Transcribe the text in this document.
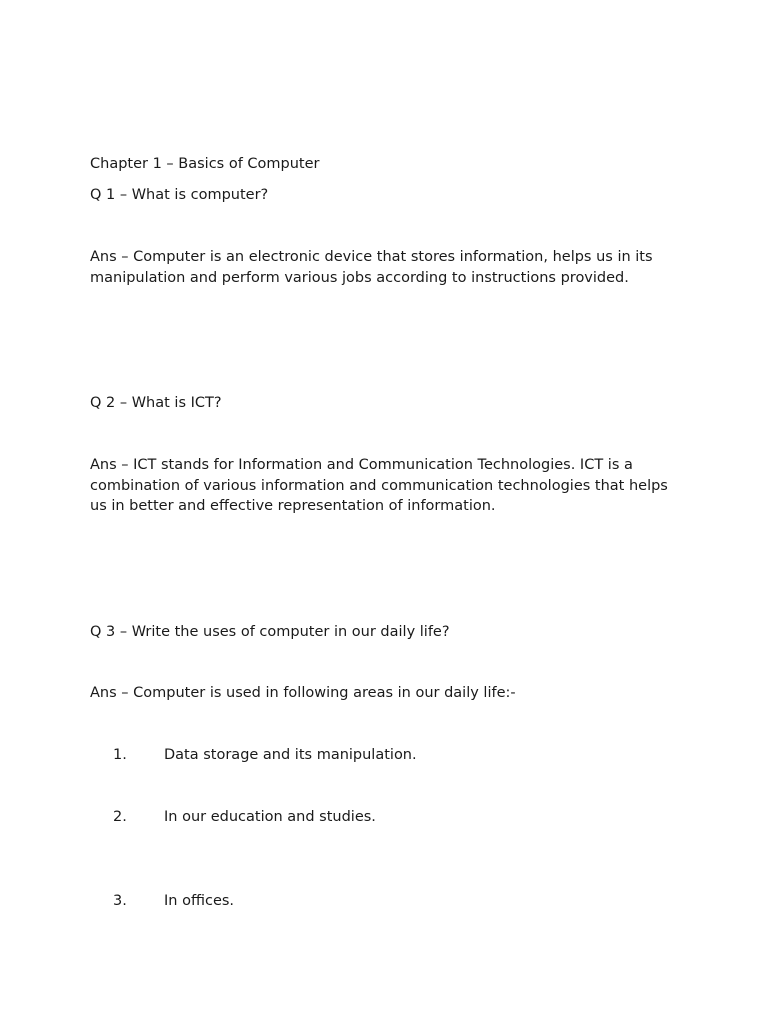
Chapter 1 – Basics of Computer
Q 1 – What is computer?
Ans – Computer is an electronic device that stores information, helps us in its manipulation and perform various jobs according to instructions provided.
Q 2 – What is ICT?
Ans – ICT stands for Information and Communication Technologies. ICT is a combination of various information and communication technologies that helps us in better and effective representation of information.
Q 3 – Write the uses of computer in our daily life?
Ans – Computer is used in following areas in our daily life:-
1.	Data storage and its manipulation.
2.	In our education and studies.
3.	In offices.
